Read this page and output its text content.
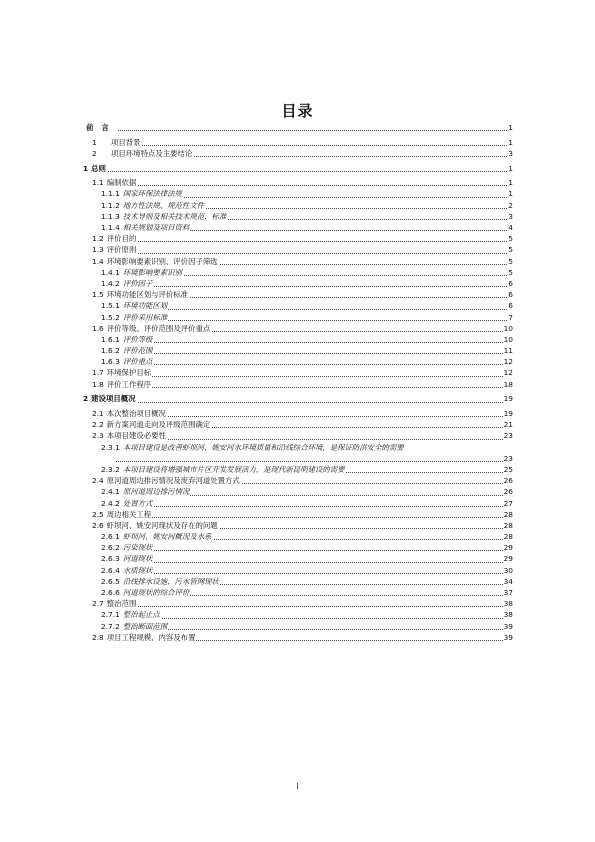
目录
前言	1
1 项目背景	1
2 项目环境特点及主要结论	3
1 总则	1
1.1 编制依据	1
1.1.1 国家环保法律法规	1
1.1.2 地方性法规、规范性文件	2
1.1.3 技术导则及相关技术规范、标准	3
1.1.4 相关规划及项目资料	4
1.2 评价目的	5
1.3 评价原则	5
1.4 环境影响要素识别、评价因子筛选	5
1.4.1 环境影响要素识别	5
1.4.2 评价因子	6
1.5 环境功能区划与评价标准	6
1.5.1 环境功能区划	6
1.5.2 评价采用标准	7
1.6 评价等级、评价范围及评价重点	10
1.6.1 评价等级	10
1.6.2 评价范围	11
1.6.3 评价重点	12
1.7 环境保护目标	12
1.8 评价工作程序	18
2 建设项目概况	19
2.1 本次整治项目概况	19
2.2 新方案河道走向及评级范围确定	21
2.3 本项目建设必要性	23
2.3.1 本项目建设是改善虾坝河、姚安河水环境质量和沿线综合环境，是保证防洪安全的需要
23
2.3.2 本项目建设将增强城市片区开发发展活力，是现代新昆明建设的需要	25
2.4 原河道周边排污情况及废弃河道处置方式	26
2.4.1 原河道周边排污情况	26
2.4.2 处置方式	27
2.5 周边相关工程	28
2.6 虾坝河、姚安河现状及存在的问题	28
2.6.1 虾坝河、姚安河概况及水系	28
2.6.2 污染现状	29
2.6.3 河道现状	29
2.6.4 水质现状	30
2.6.5 沿线排水设施、污水管网现状	34
2.6.6 河道现状的综合评价	37
2.7 整治范围	38
2.7.1 整治起止点	38
2.7.2 整治断面范围	39
2.8 项目工程规模、内容及布置	39
I
